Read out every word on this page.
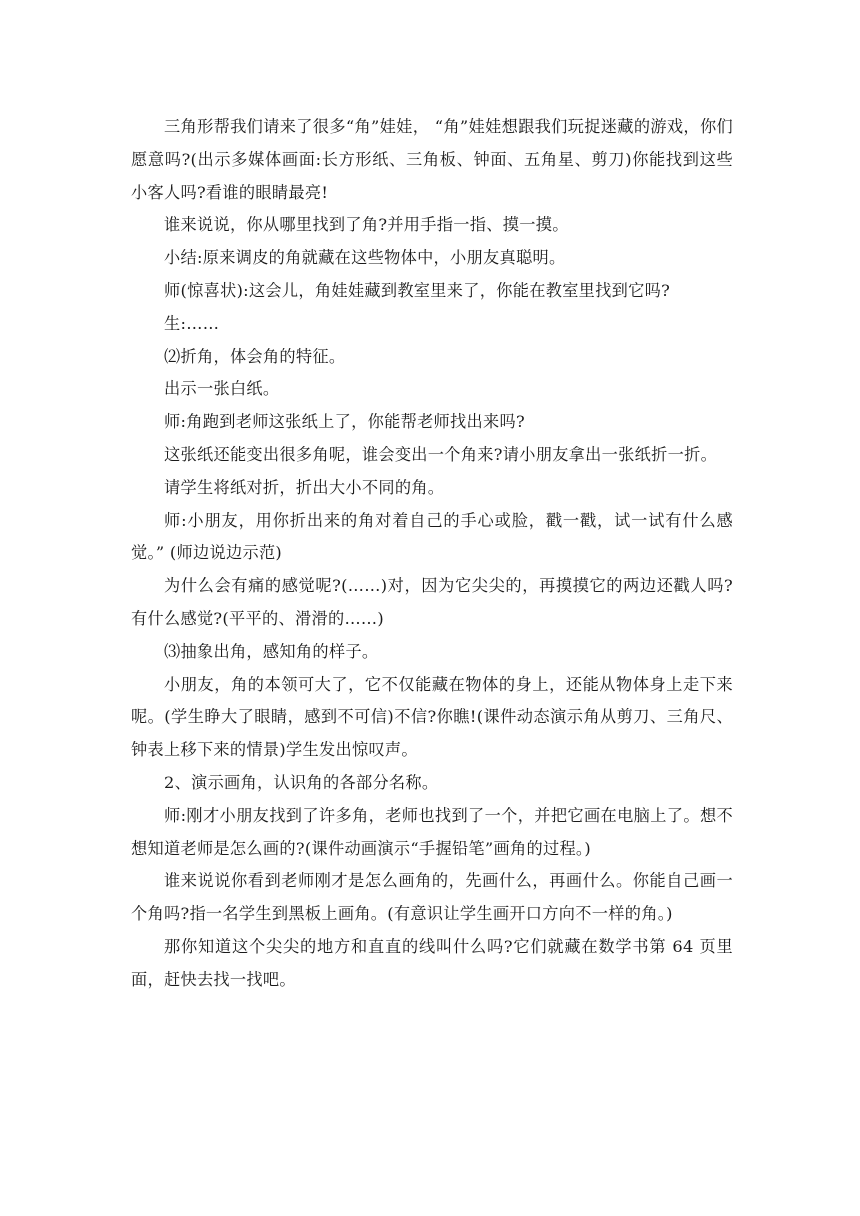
三角形帮我们请来了很多“角”娃娃， “角”娃娃想跟我们玩捉迷藏的游戏，你们愿意吗?(出示多媒体画面:长方形纸、三角板、钟面、五角星、剪刀)你能找到这些小客人吗?看谁的眼睛最亮!

谁来说说，你从哪里找到了角?并用手指一指、摸一摸。

小结:原来调皮的角就藏在这些物体中，小朋友真聪明。

师(惊喜状):这会儿，角娃娃藏到教室里来了，你能在教室里找到它吗?

生:……

⑵折角，体会角的特征。

出示一张白纸。

师:角跑到老师这张纸上了，你能帮老师找出来吗?

这张纸还能变出很多角呢，谁会变出一个角来?请小朋友拿出一张纸折一折。

请学生将纸对折，折出大小不同的角。

师:小朋友，用你折出来的角对着自己的手心或脸，戳一戳，试一试有什么感觉。” (师边说边示范)

为什么会有痛的感觉呢?(……)对，因为它尖尖的，再摸摸它的两边还戳人吗?有什么感觉?(平平的、滑滑的……)

⑶抽象出角，感知角的样子。

小朋友，角的本领可大了，它不仅能藏在物体的身上，还能从物体身上走下来呢。(学生睁大了眼睛，感到不可信)不信?你瞧!(课件动态演示角从剪刀、三角尺、钟表上移下来的情景)学生发出惊叹声。

2、演示画角，认识角的各部分名称。

师:刚才小朋友找到了许多角，老师也找到了一个，并把它画在电脑上了。想不想知道老师是怎么画的?(课件动画演示“手握铅笔”画角的过程。)

谁来说说你看到老师刚才是怎么画角的，先画什么，再画什么。你能自己画一个角吗?指一名学生到黑板上画角。(有意识让学生画开口方向不一样的角。)

那你知道这个尖尖的地方和直直的线叫什么吗?它们就藏在数学书第 64 页里面，赶快去找一找吧。
